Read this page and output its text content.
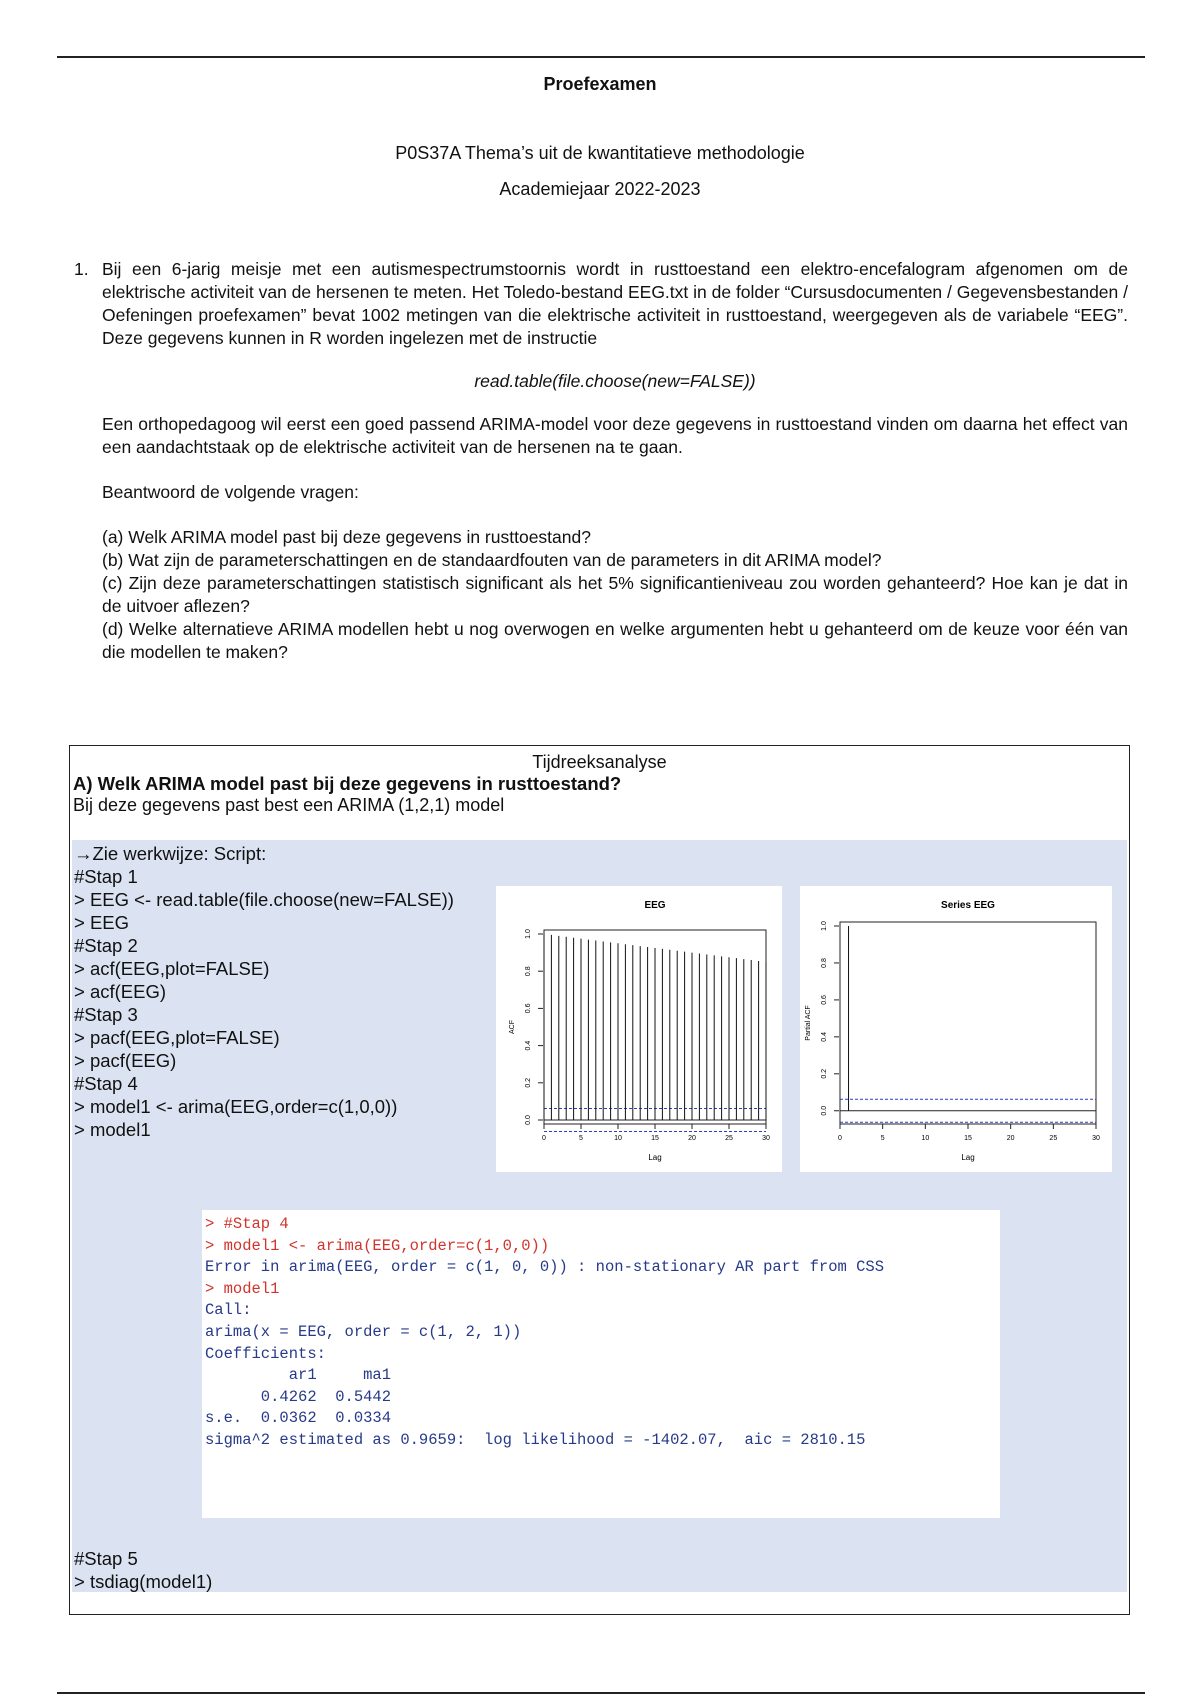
Proefexamen
P0S37A Thema’s uit de kwantitatieve methodologie
Academiejaar 2022-2023
1. Bij een 6-jarig meisje met een autismespectrumstoornis wordt in rusttoestand een elektro-encefalogram afgenomen om de elektrische activiteit van de hersenen te meten. Het Toledo-bestand EEG.txt in de folder “Cursusdocumenten / Gegevensbestanden / Oefeningen proefexamen” bevat 1002 metingen van die elektrische activiteit in rusttoestand, weergegeven als de variabele “EEG”. Deze gegevens kunnen in R worden ingelezen met de instructie

read.table(file.choose(new=FALSE))

Een orthopedagoog wil eerst een goed passend ARIMA-model voor deze gegevens in rusttoestand vinden om daarna het effect van een aandachtstaak op de elektrische activiteit van de hersenen na te gaan.

Beantwoord de volgende vragen:

(a) Welk ARIMA model past bij deze gegevens in rusttoestand?

(b) Wat zijn de parameterschattingen en de standaardfouten van de parameters in dit ARIMA model?

(c) Zijn deze parameterschattingen statistisch significant als het 5% significantieniveau zou worden gehanteerd? Hoe kan je dat in de uitvoer aflezen?

(d) Welke alternatieve ARIMA modellen hebt u nog overwogen en welke argumenten hebt u gehanteerd om de keuze voor één van die modellen te maken?

Tijdreeksanalyse
A) Welk ARIMA model past bij deze gegevens in rusttoestand?
Bij deze gegevens past best een ARIMA (1,2,1) model
→Zie werkwijze: Script:
#Stap 1
> EEG <- read.table(file.choose(new=FALSE))
> EEG
#Stap 2
> acf(EEG,plot=FALSE)
> acf(EEG)
#Stap 3
> pacf(EEG,plot=FALSE)
> pacf(EEG)
#Stap 4
> model1 <- arima(EEG,order=c(1,0,0))
> model1
EEG
0	5	10	15	20	25	30
0.0
0.2
0.4
0.6
0.8
1.0
Lag
ACF
Series EEG
0	5	10	15	20	25	30
0.0
0.2
0.4
0.6
0.8
1.0
Lag
Partial ACF
> #Stap 4
> model1 <- arima(EEG,order=c(1,0,0))
Error in arima(EEG, order = c(1, 0, 0)) : non-stationary AR part from CSS
> model1
Call:
arima(x = EEG, order = c(1, 2, 1))
Coefficients:
ar1     ma1
0.4262  0.5442
s.e.  0.0362  0.0334
sigma^2 estimated as 0.9659:  log likelihood = -1402.07,  aic = 2810.15
#Stap 5
> tsdiag(model1)
